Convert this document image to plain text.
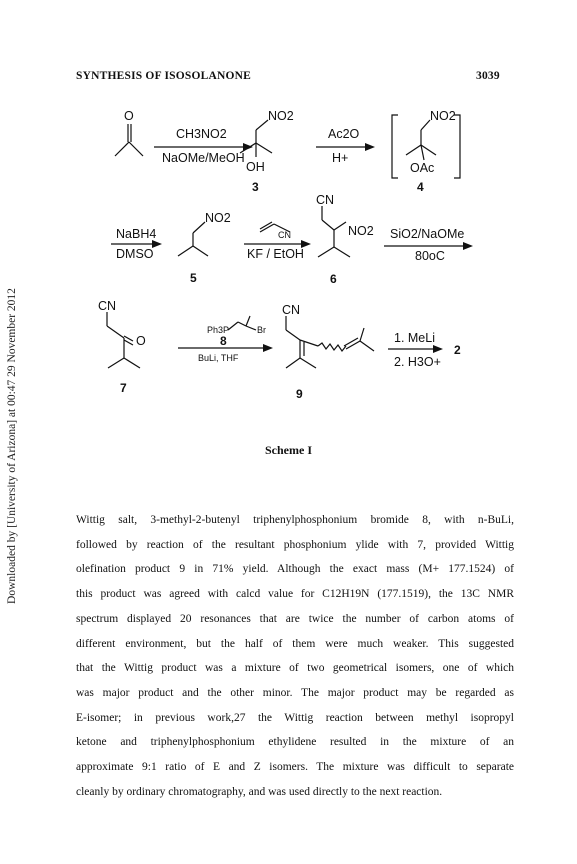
Downloaded by [University of Arizona] at 00:47 29 November 2012
SYNTHESIS OF ISOSOLANONE	3039
O
CH3NO2
NaOMe/MeOH
NO2
OH
3
Ac2O
H+
NO2
OAc
4
NaBH4
DMSO
NO2
5
CN
KF / EtOH
CN
NO2
6
SiO2/NaOMe
80oC
CN
O
7
Ph3P	Br
8
BuLi, THF
CN
9
1. MeLi
2. H3O+
2
Scheme I
Wittig salt, 3-methyl-2-butenyl triphenylphosphonium bromide 8, with n-BuLi,
followed by reaction of the resultant phosphonium ylide with 7, provided Wittig
olefination product 9 in 71% yield. Although the exact mass (M+ 177.1524) of
this product was agreed with calcd value for C12H19N (177.1519), the 13C NMR
spectrum displayed 20 resonances that are twice the number of carbon atoms of
different environment, but the half of them were much weaker. This suggested
that the Wittig product was a mixture of two geometrical isomers, one of which
was major product and the other minor. The major product may be regarded as
E-isomer; in previous work,27 the Wittig reaction between methyl isopropyl
ketone and triphenylphosphonium ethylidene resulted in the mixture of an
approximate 9:1 ratio of E and Z isomers. The mixture was difficult to separate
cleanly by ordinary chromatography, and was used directly to the next reaction.
